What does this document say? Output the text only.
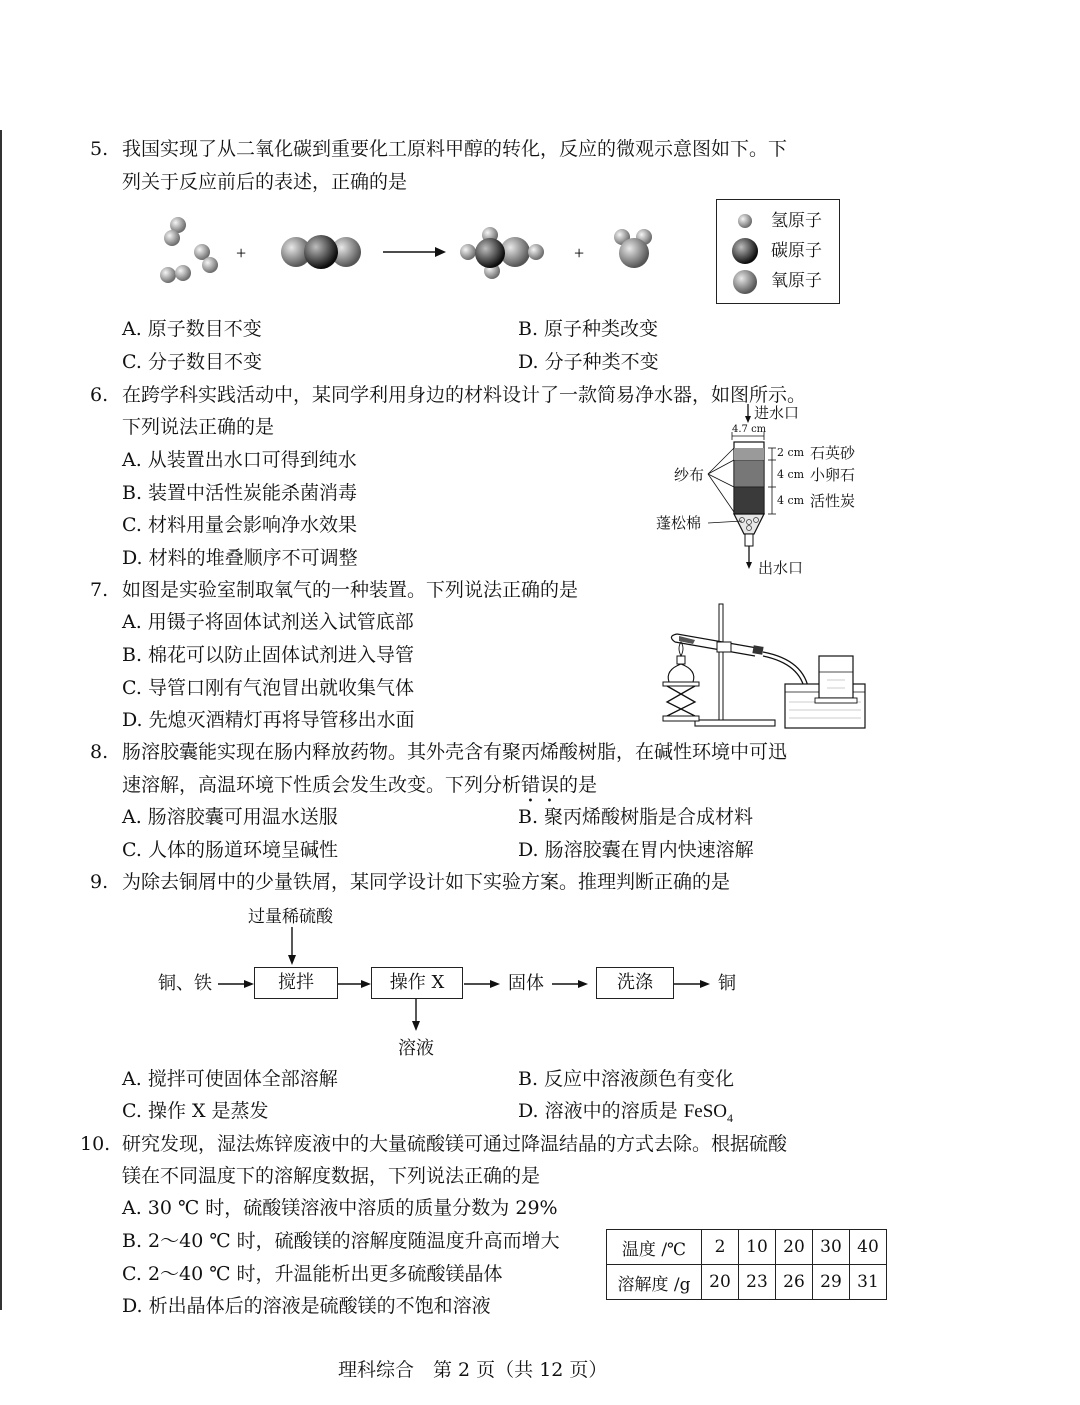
5. 我国实现了从二氧化碳到重要化工原料甲醇的转化，反应的微观示意图如下。下
列关于反应前后的表述，正确的是
+	+
氢原子
碳原子
氧原子
A. 原子数目不变	B. 原子种类改变
C. 分子数目不变	D. 分子种类不变
6. 在跨学科实践活动中，某同学利用身边的材料设计了一款简易净水器，如图所示。
下列说法正确的是
A. 从装置出水口可得到纯水
B. 装置中活性炭能杀菌消毒
C. 材料用量会影响净水效果
D. 材料的堆叠顺序不可调整
进水口
4.7 cm
2 cm 石英砂
4 cm 小卵石
4 cm 活性炭
纱布
蓬松棉
出水口
7. 如图是实验室制取氧气的一种装置。下列说法正确的是
A. 用镊子将固体试剂送入试管底部
B. 棉花可以防止固体试剂进入导管
C. 导管口刚有气泡冒出就收集气体
D. 先熄灭酒精灯再将导管移出水面
8. 肠溶胶囊能实现在肠内释放药物。其外壳含有聚丙烯酸树脂，在碱性环境中可迅
速溶解，高温环境下性质会发生改变。下列分析错误的是
A. 肠溶胶囊可用温水送服	B. 聚丙烯酸树脂是合成材料
C. 人体的肠道环境呈碱性	D. 肠溶胶囊在胃内快速溶解
9. 为除去铜屑中的少量铁屑，某同学设计如下实验方案。推理判断正确的是
过量稀硫酸
铜、铁	搅拌	操作 X	固体	洗涤	铜
溶液
A. 搅拌可使固体全部溶解	B. 反应中溶液颜色有变化
C. 操作 X 是蒸发	D. 溶液中的溶质是 FeSO$_4$
10. 研究发现，湿法炼锌废液中的大量硫酸镁可通过降温结晶的方式去除。根据硫酸
镁在不同温度下的溶解度数据，下列说法正确的是
A. 30 ℃ 时，硫酸镁溶液中溶质的质量分数为 29%
B. 2～40 ℃ 时，硫酸镁的溶解度随温度升高而增大
C. 2～40 ℃ 时，升温能析出更多硫酸镁晶体
D. 析出晶体后的溶液是硫酸镁的不饱和溶液
温度 /℃	2	10	20	30	40
溶解度 /g	20	23	26	29	31
理科综合　第 2 页（共 12 页）
